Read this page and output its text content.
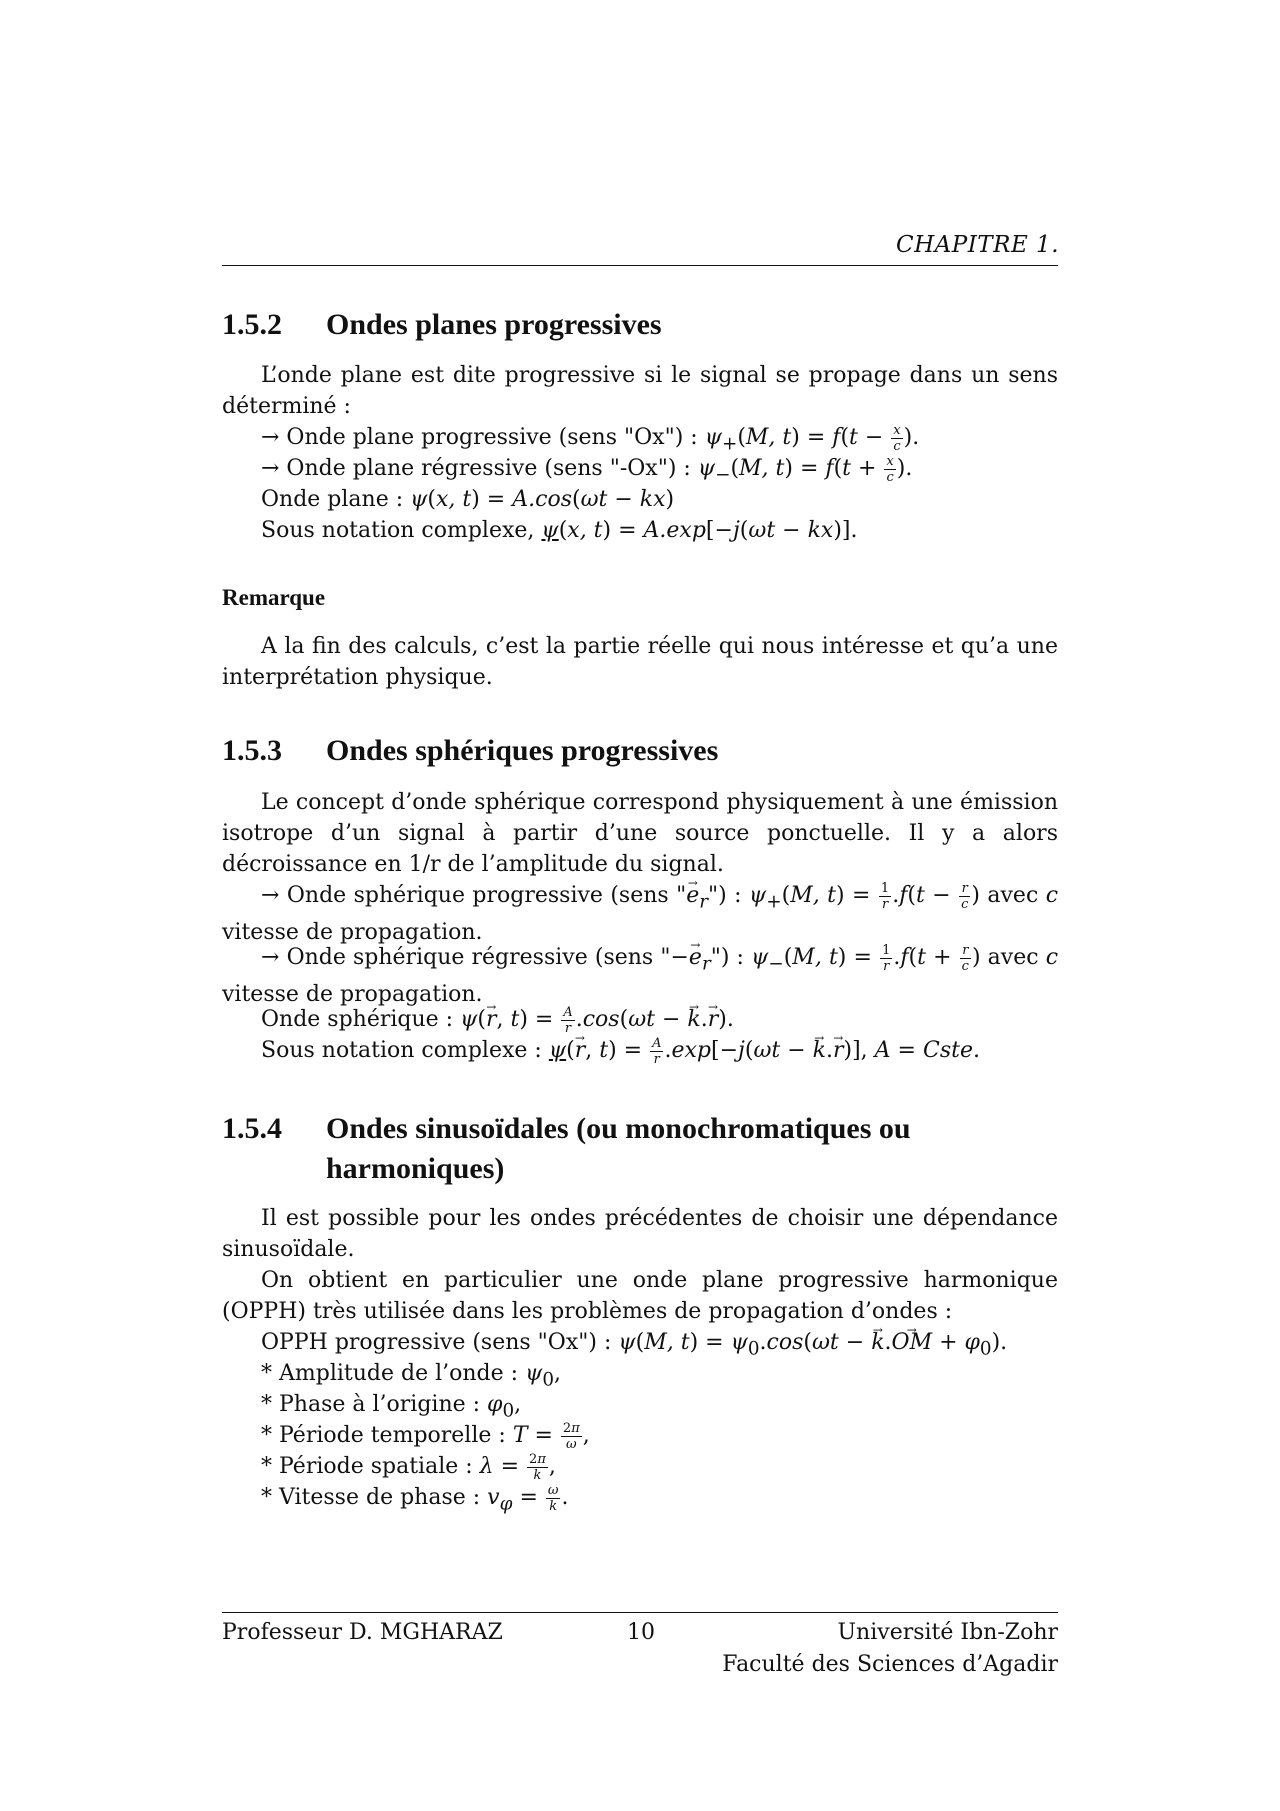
CHAPITRE 1.
1.5.2 Ondes planes progressives
L’onde plane est dite progressive si le signal se propage dans un sens déterminé :
→ Onde plane progressive (sens "Ox") : $\psi_+(M$, $t) = f(t - \frac{x}{c}$ ).
→ Onde plane régressive (sens "-Ox") : $\psi_-(M$, $t) = f(t + \frac{x}{c}$ ).
Onde plane : ψ(x, t) = A.cos(ωt − kx)
Sous notation complexe, ψ(x, t) = A.exp[−j(ωt − kx)].
Remarque
A la fin des calculs, c’est la partie réelle qui nous intéresse et qu’a une interprétation physique.
1.5.3 Ondes sphériques progressives
Le concept d’onde sphérique correspond physiquement à une émission isotrope d’un signal à partir d’une source ponctuelle. Il y a alors décroissance en 1/r de l’amplitude du signal.
→ Onde sphérique progressive (sens "$e \to_r$") : $\psi_+(M$, $t) = \frac{1}{r} .f(t - \frac{r}{c}$ ) avec c vitesse de propagation.
→ Onde sphérique régressive (sens "$-e \to_r$") : $\psi_-(M$, $t) = \frac{1}{r} .f(t + \frac{r}{c}$ ) avec c vitesse de propagation.
Onde sphérique : ψ(r →, $t) = \frac{A}{r} .\cos(\omega t - k \to.r$ →).
Sous notation complexe : ψ(r →, $t) = \frac{A}{r} .\exp[-j(\omega t - k \to.r$ →)], A = Cste.
1.5.4 Ondes sinusoïdales (ou monochromatiques ou harmoniques)
Il est possible pour les ondes précédentes de choisir une dépendance sinusoïdale.
On obtient en particulier une onde plane progressive harmonique (OPPH) très utilisée dans les problèmes de propagation d’ondes :
OPPH progressive (sens "Ox") : ψ(M, $t) = \psi_0.\cos(\omega t - k \to.OM$ → + $\varphi_0$).
* Amplitude de l’onde : $\psi_0$,
* Phase à l’origine : $\varphi_0$,
* Période temporelle : $T = \frac{2\pi}{\omega}$ ,
* Période spatiale : $\lambda = \frac{2\pi}{k}$ ,
* Vitesse de phase : $v_\varphi = \frac{\omega}{k}$ .
Professeur D. MGHARAZ	10	Université Ibn-Zohr
Faculté des Sciences d’Agadir
